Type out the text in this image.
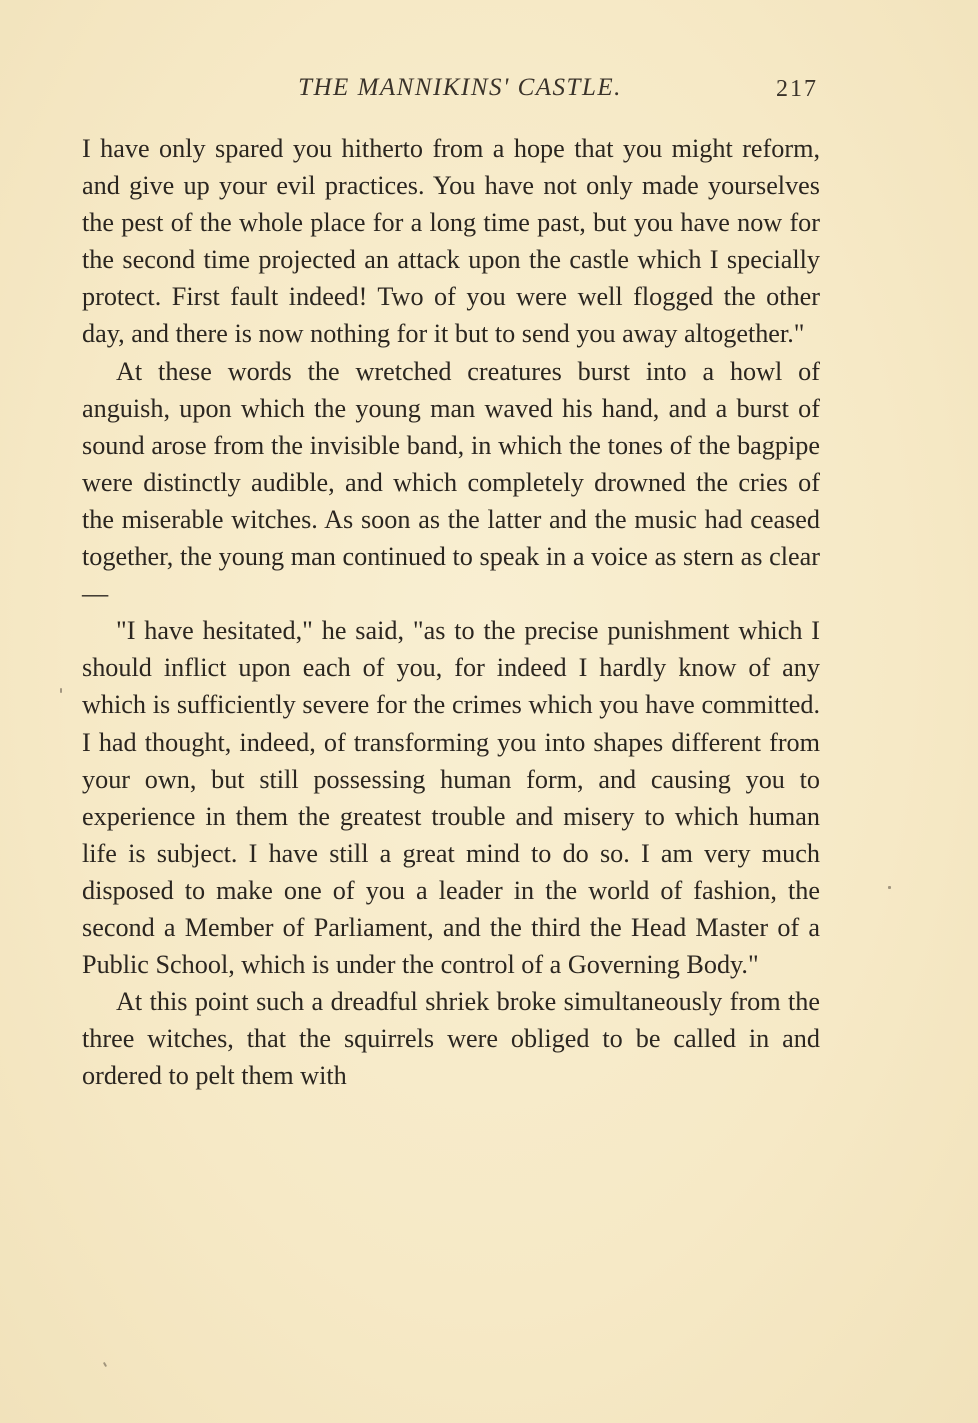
THE MANNIKINS' CASTLE.	217

I have only spared you hitherto from a hope that you might reform, and give up your evil practices. You have not only made yourselves the pest of the whole place for a long time past, but you have now for the second time projected an attack upon the castle which I specially protect. First fault indeed! Two of you were well flogged the other day, and there is now nothing for it but to send you away altogether."

At these words the wretched creatures burst into a howl of anguish, upon which the young man waved his hand, and a burst of sound arose from the invisible band, in which the tones of the bagpipe were distinctly audible, and which completely drowned the cries of the miserable witches. As soon as the latter and the music had ceased together, the young man continued to speak in a voice as stern as clear—

"I have hesitated," he said, "as to the precise punishment which I should inflict upon each of you, for indeed I hardly know of any which is sufficiently severe for the crimes which you have committed. I had thought, indeed, of transforming you into shapes different from your own, but still possessing human form, and causing you to experience in them the greatest trouble and misery to which human life is subject. I have still a great mind to do so. I am very much disposed to make one of you a leader in the world of fashion, the second a Member of Parliament, and the third the Head Master of a Public School, which is under the control of a Governing Body."

At this point such a dreadful shriek broke simultaneously from the three witches, that the squirrels were obliged to be called in and ordered to pelt them with
